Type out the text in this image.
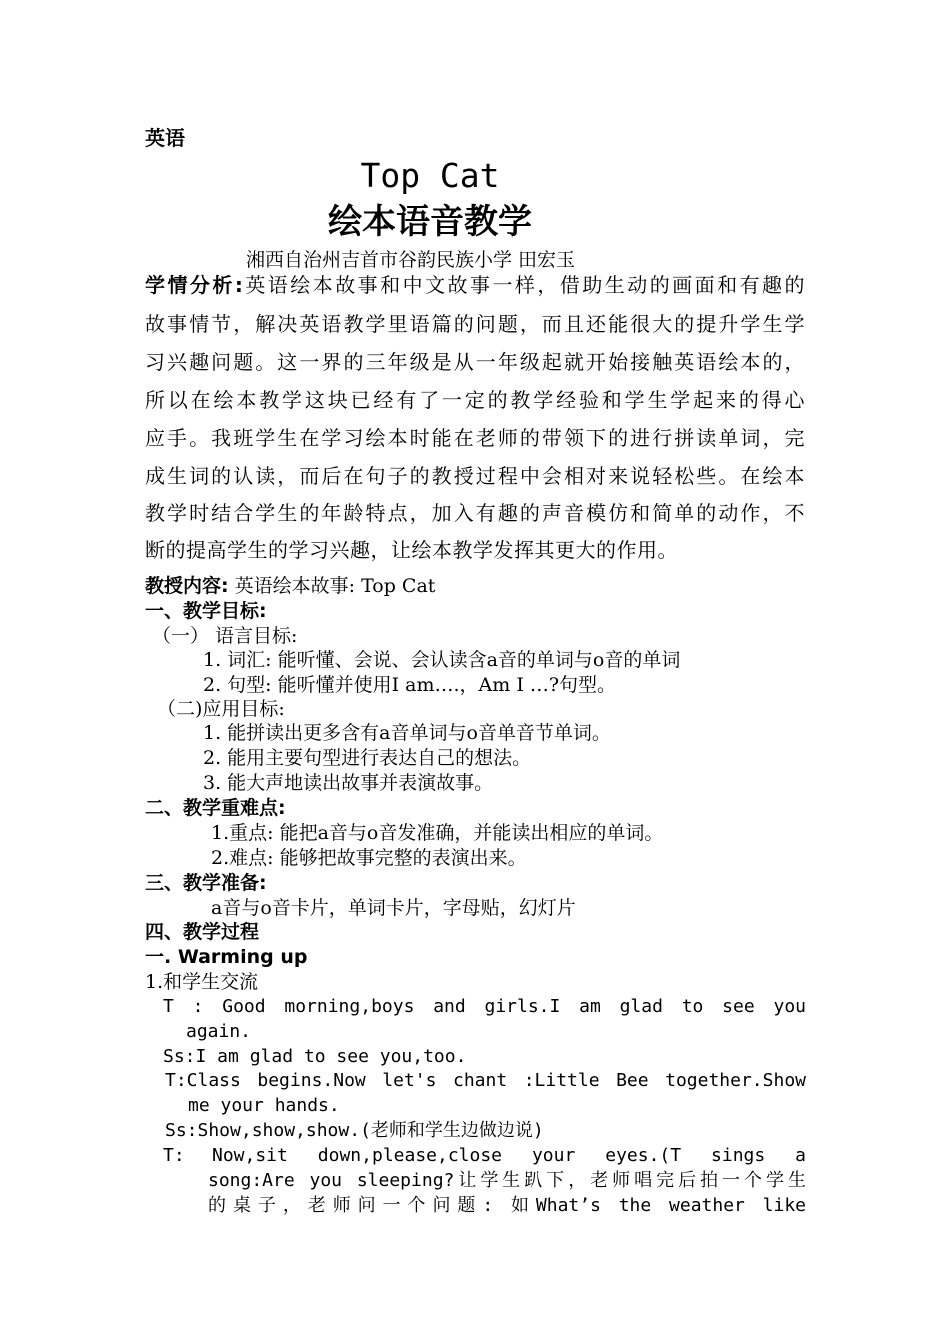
英语
Top Cat
绘本语音教学
湘西自治州吉首市谷韵民族小学 田宏玉
学情分析:英语绘本故事和中文故事一样，借助生动的画面和有趣的
故事情节，解决英语教学里语篇的问题，而且还能很大的提升学生学
习兴趣问题。这一界的三年级是从一年级起就开始接触英语绘本的，
所以在绘本教学这块已经有了一定的教学经验和学生学起来的得心
应手。我班学生在学习绘本时能在老师的带领下的进行拼读单词，完
成生词的认读，而后在句子的教授过程中会相对来说轻松些。在绘本
教学时结合学生的年龄特点，加入有趣的声音模仿和简单的动作，不
断的提高学生的学习兴趣，让绘本教学发挥其更大的作用。
教授内容: 英语绘本故事: Top Cat
一、教学目标:
（一） 语言目标:
1. 词汇: 能听懂、会说、会认读含a音的单词与o音的单词
2. 句型: 能听懂并使用I am….，Am I …?句型。
（二)应用目标:
1. 能拼读出更多含有a音单词与o音单音节单词。
2. 能用主要句型进行表达自己的想法。
3. 能大声地读出故事并表演故事。
二、教学重难点:
1.重点: 能把a音与o音发准确，并能读出相应的单词。
2.难点: 能够把故事完整的表演出来。
三、教学准备:
a音与o音卡片，单词卡片，字母贴，幻灯片
四、教学过程
一. Warming up
1.和学生交流
T : Good morning,boys and girls.I am glad to see you
again.
Ss:I am glad to see you,too.
T:Class begins.Now let's chant :Little Bee together.Show
me your hands.
Ss:Show,show,show.(老师和学生边做边说)
T: Now,sit down,please,close your eyes.(T sings a
song:Are you sleeping?让学生趴下，老师唱完后拍一个学生
的桌子，老师问一个问题: 如What’s the weather like
